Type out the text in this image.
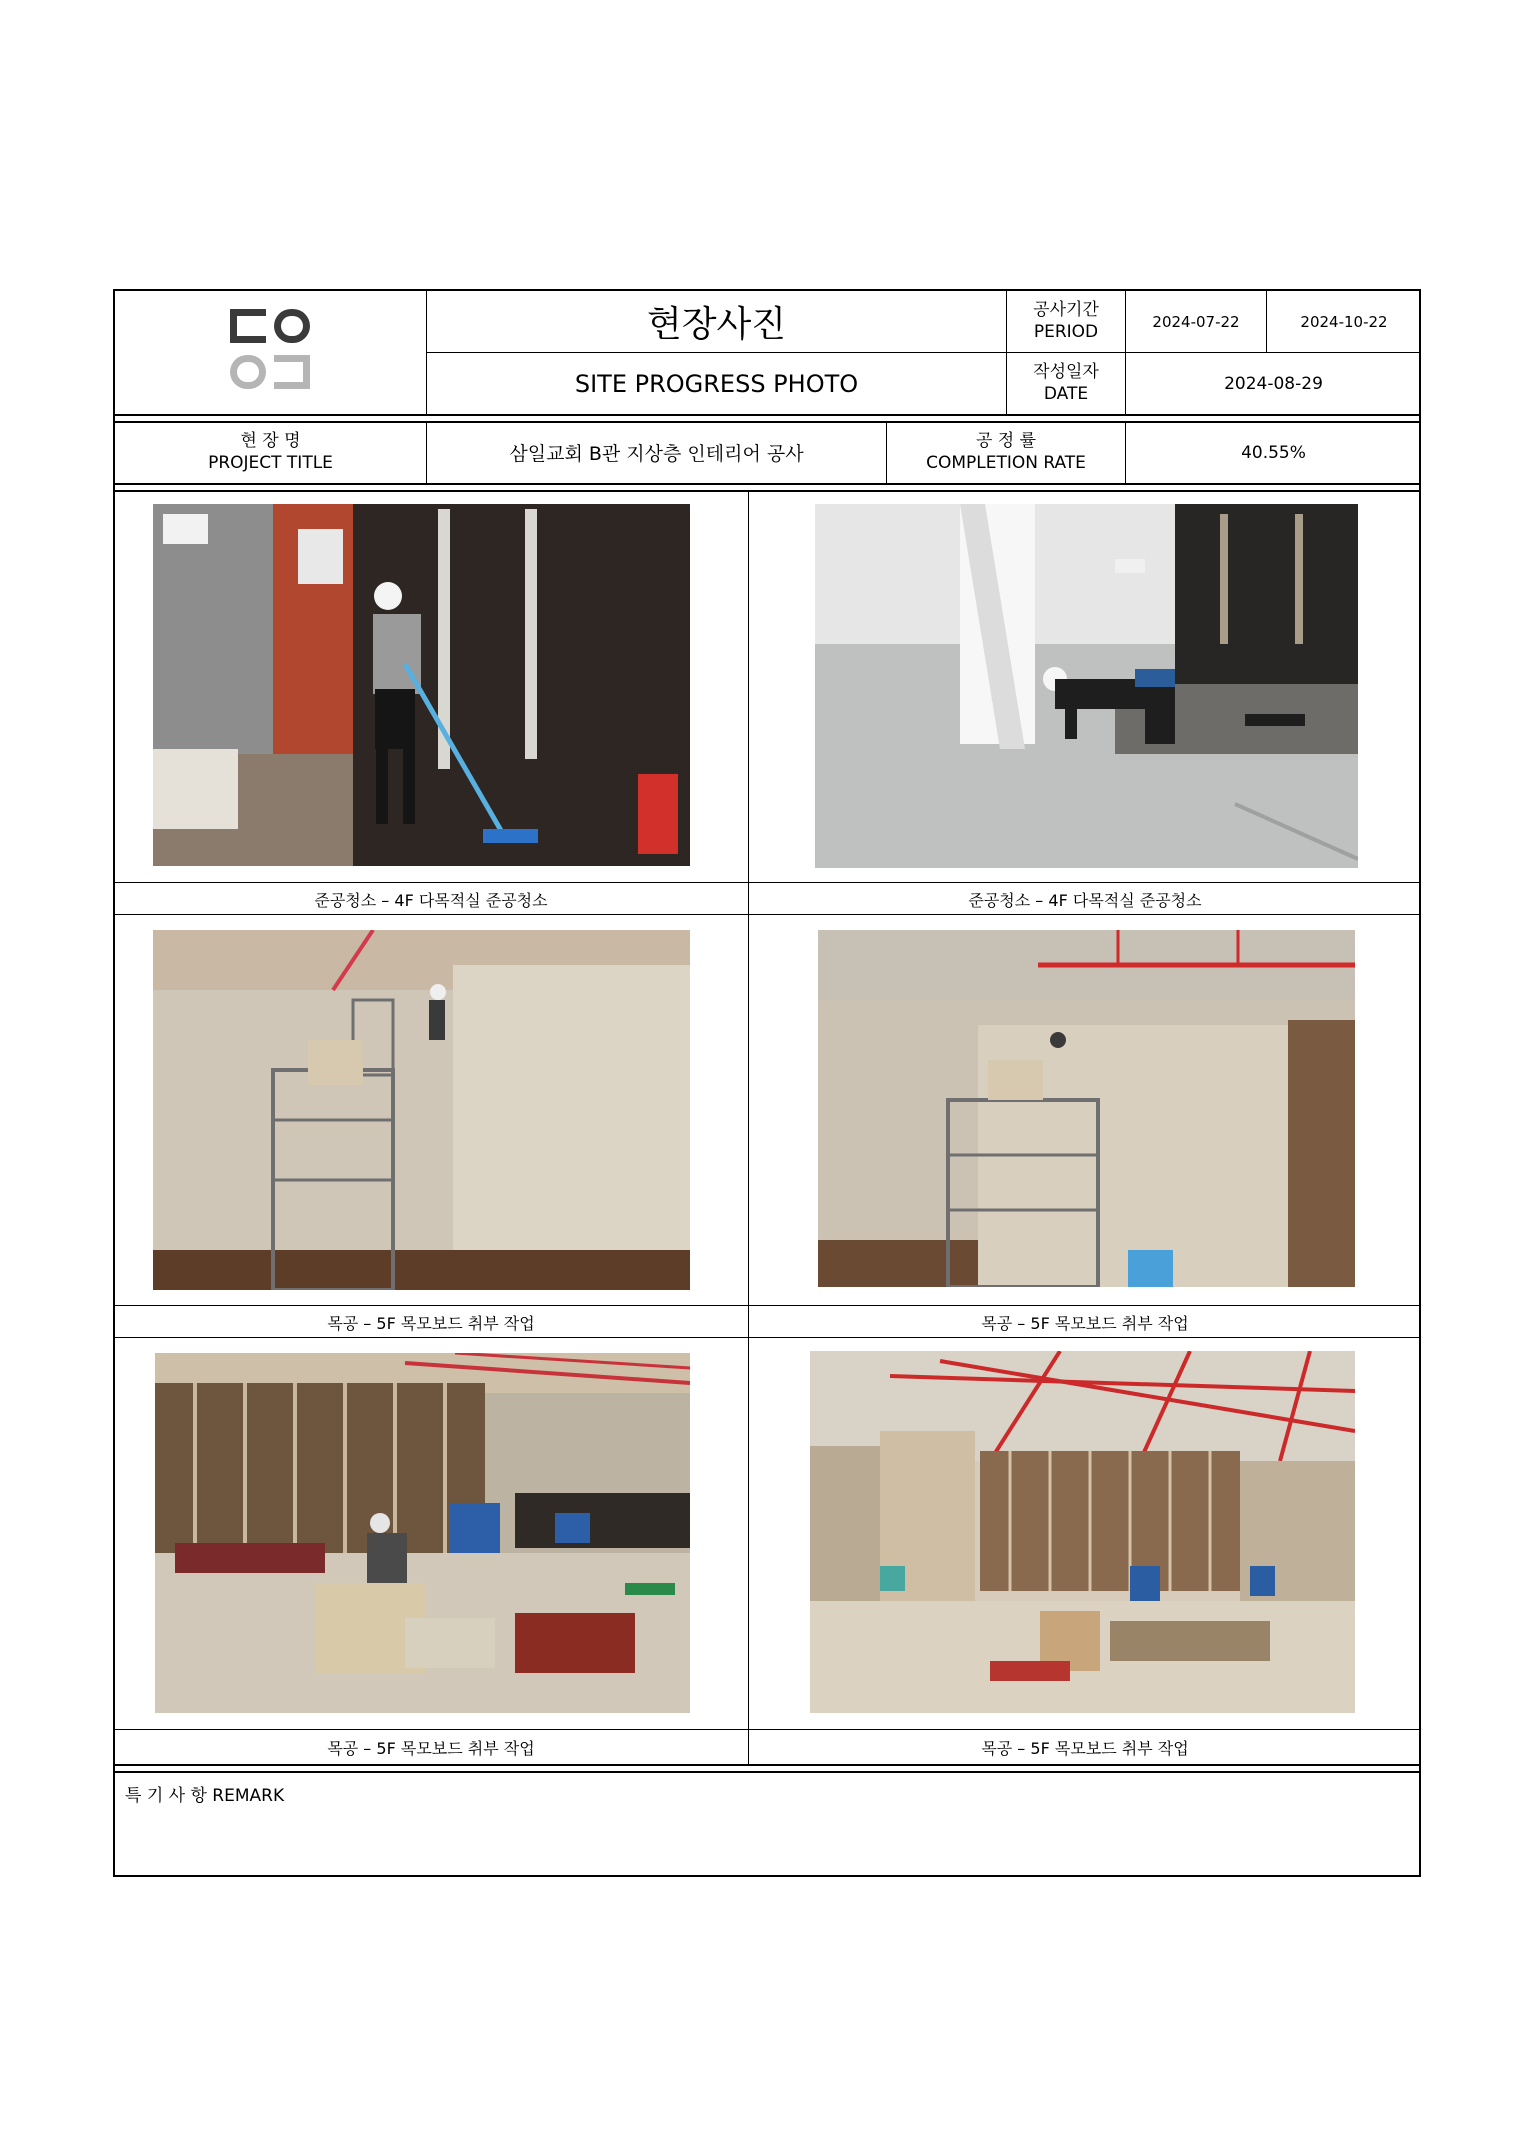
현장사진
SITE PROGRESS PHOTO
공사기간
PERIOD	2024-07-22	2024-10-22
작성일자
DATE	2024-08-29
현 장 명
PROJECT TITLE	삼일교회 B관 지상층 인테리어 공사
공 정 률
COMPLETION RATE	40.55%
준공청소 – 4F 다목적실 준공청소	준공청소 – 4F 다목적실 준공청소
목공 – 5F 목모보드 취부 작업	목공 – 5F 목모보드 취부 작업
목공 – 5F 목모보드 취부 작업	목공 – 5F 목모보드 취부 작업
특 기 사 항 REMARK
